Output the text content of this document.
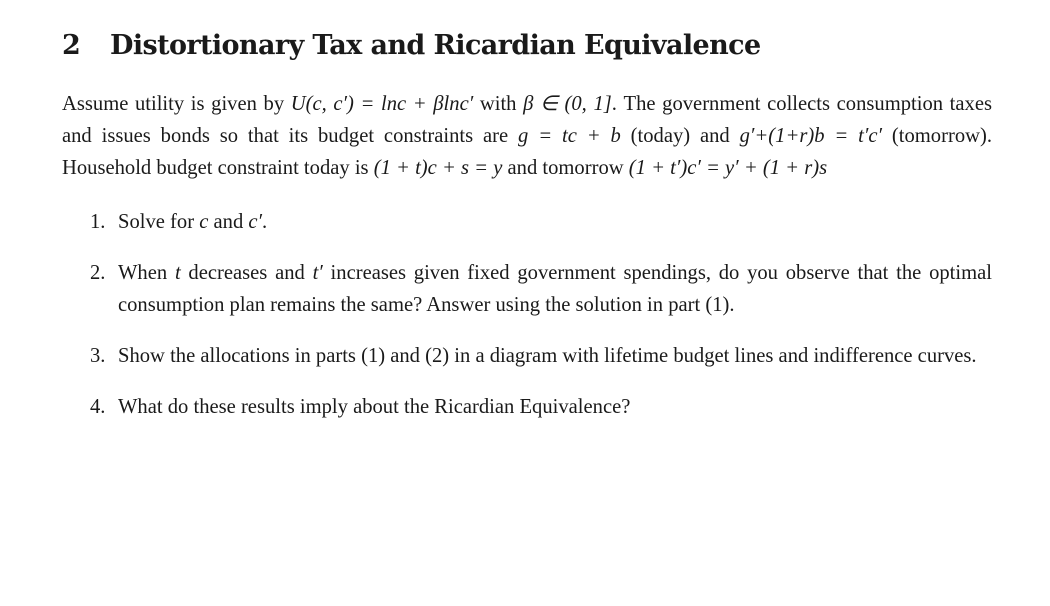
2 Distortionary Tax and Ricardian Equivalence

Assume utility is given by U(c, c′) = lnc + βlnc′ with β ∈ (0, 1]. The government collects consumption taxes and issues bonds so that its budget constraints are g = tc + b (today) and g′+(1+r)b = t′c′ (tomorrow). Household budget constraint today is (1 + t)c + s = y and tomorrow (1 + t′)c′ = y′ + (1 + r)s

1. Solve for c and c′.
2. When t decreases and t′ increases given fixed government spendings, do you observe that the optimal consumption plan remains the same? Answer using the solution in part (1).
3. Show the allocations in parts (1) and (2) in a diagram with lifetime budget lines and indifference curves.
4. What do these results imply about the Ricardian Equivalence?
